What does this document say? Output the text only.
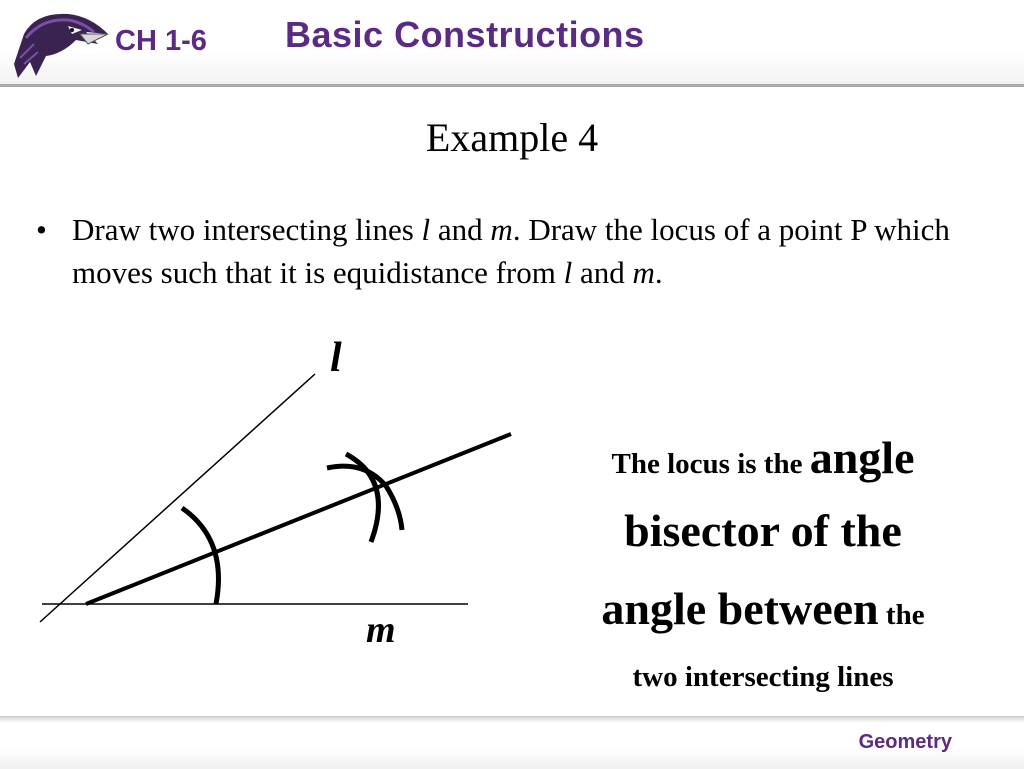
CH 1-6 Basic Constructions
Example 4
• Draw two intersecting lines l and m. Draw the locus of a point P which moves such that it is equidistance from l and m.
l
m
The locus is the angle
bisector of the
angle between the
two intersecting lines
Geometry
